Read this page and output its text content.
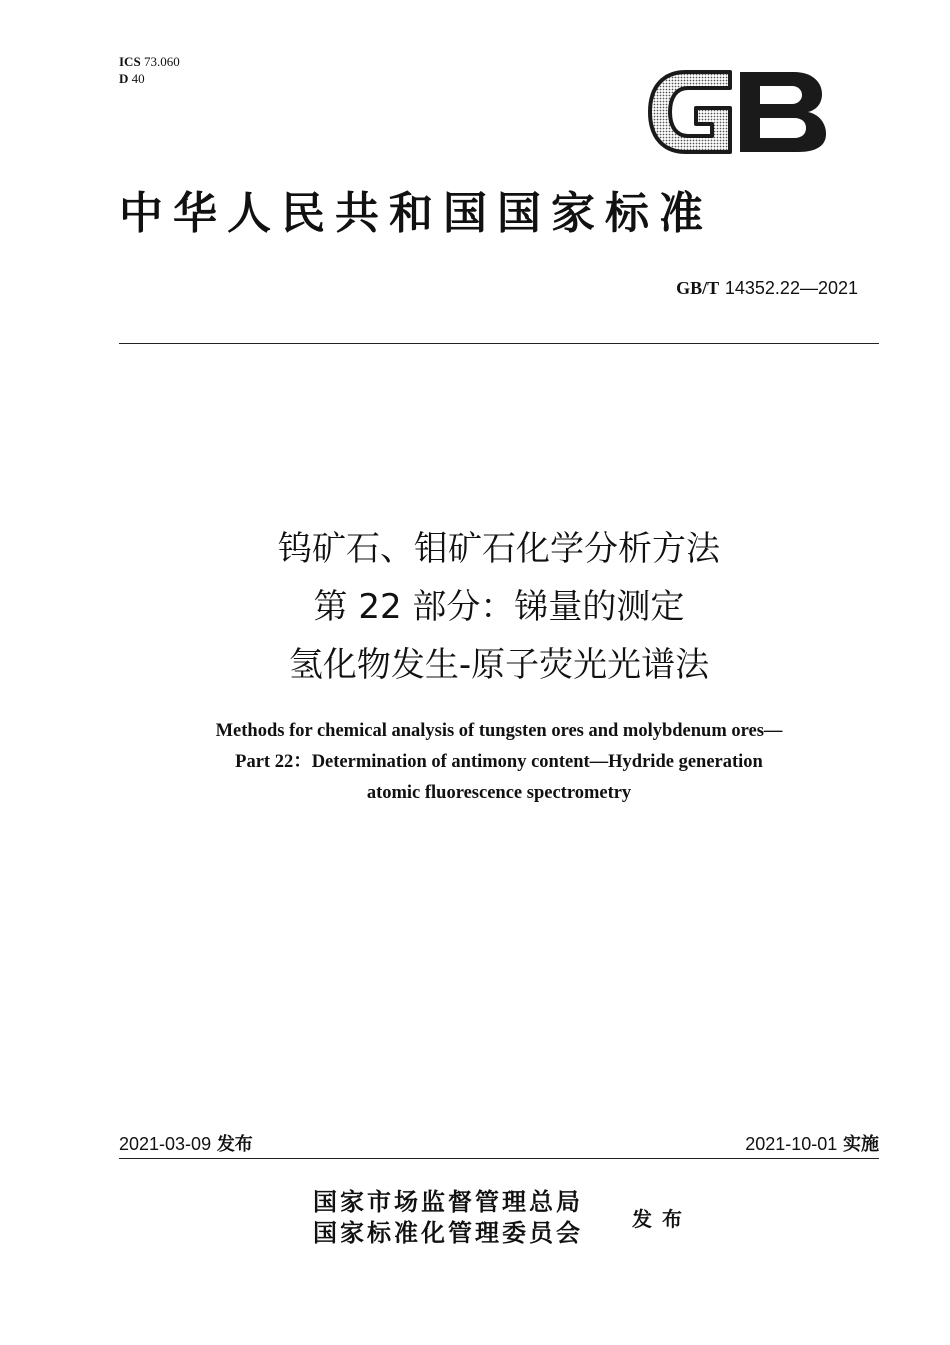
ICS 73.060
D 40
中华人民共和国国家标准
GB/T 14352.22—2021
钨矿石、钼矿石化学分析方法
第 22 部分：锑量的测定
氢化物发生-原子荧光光谱法
Methods for chemical analysis of tungsten ores and molybdenum ores—
Part 22：Determination of antimony content—Hydride generation
atomic fluorescence spectrometry
2021-03-09 发布	2021-10-01 实施
国家市场监督管理总局
国家标准化管理委员会 发布
